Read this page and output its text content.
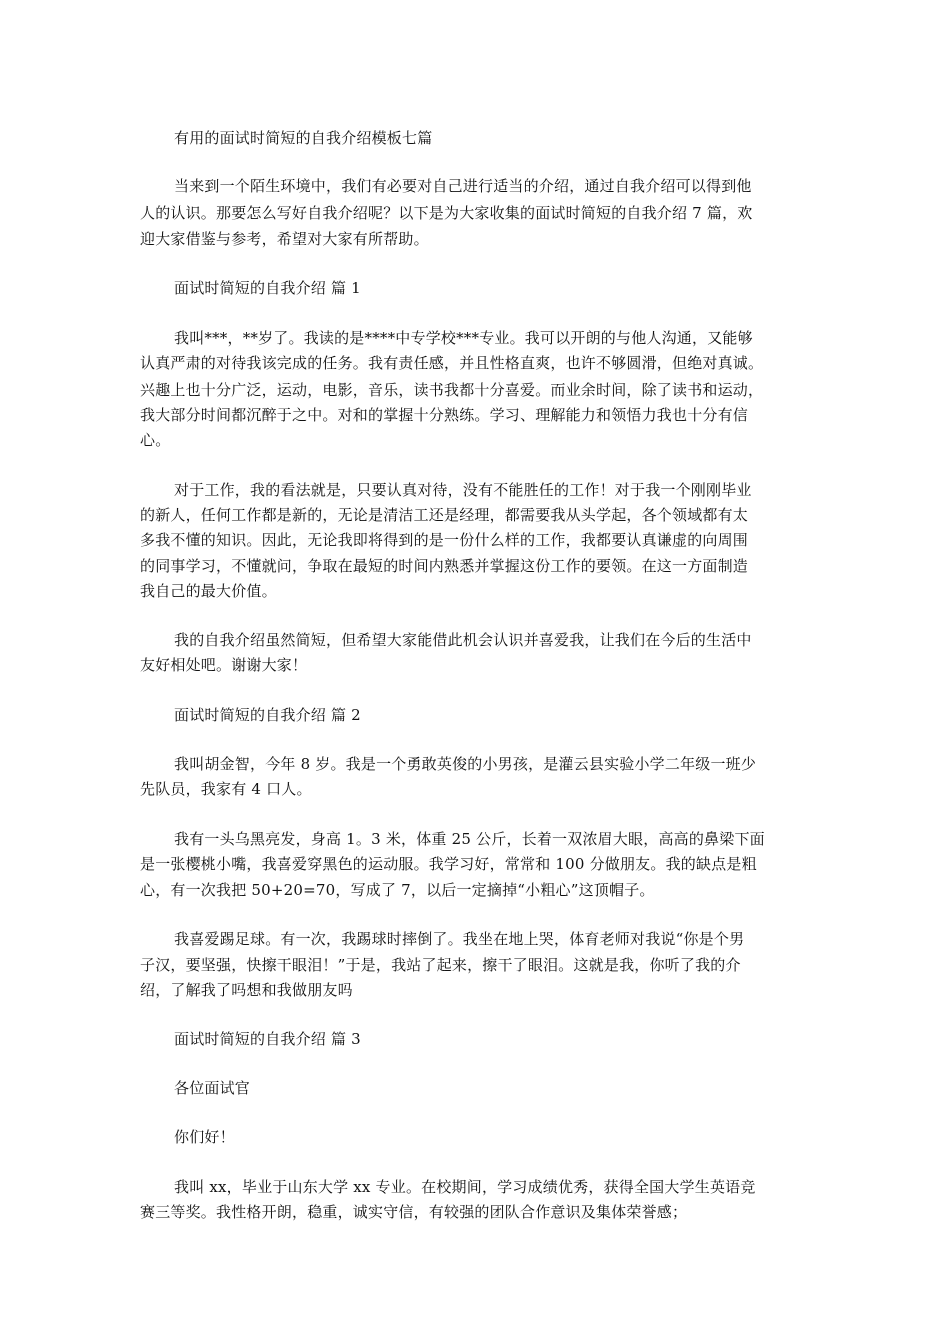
有用的面试时简短的自我介绍模板七篇
当来到一个陌生环境中，我们有必要对自己进行适当的介绍，通过自我介绍可以得到他
人的认识。那要怎么写好自我介绍呢？以下是为大家收集的面试时简短的自我介绍 7 篇，欢
迎大家借鉴与参考，希望对大家有所帮助。
面试时简短的自我介绍 篇 1
我叫***，**岁了。我读的是****中专学校***专业。我可以开朗的与他人沟通，又能够
认真严肃的对待我该完成的任务。我有责任感，并且性格直爽，也许不够圆滑，但绝对真诚。
兴趣上也十分广泛，运动，电影，音乐，读书我都十分喜爱。而业余时间，除了读书和运动，
我大部分时间都沉醉于之中。对和的掌握十分熟练。学习、理解能力和领悟力我也十分有信
心。
对于工作，我的看法就是，只要认真对待，没有不能胜任的工作！对于我一个刚刚毕业
的新人，任何工作都是新的，无论是清洁工还是经理，都需要我从头学起，各个领域都有太
多我不懂的知识。因此，无论我即将得到的是一份什么样的工作，我都要认真谦虚的向周围
的同事学习，不懂就问，争取在最短的时间内熟悉并掌握这份工作的要领。在这一方面制造
我自己的最大价值。
我的自我介绍虽然简短，但希望大家能借此机会认识并喜爱我，让我们在今后的生活中
友好相处吧。谢谢大家！
面试时简短的自我介绍 篇 2
我叫胡金智，今年 8 岁。我是一个勇敢英俊的小男孩，是灌云县实验小学二年级一班少
先队员，我家有 4 口人。
我有一头乌黑亮发，身高 1。3 米，体重 25 公斤，长着一双浓眉大眼，高高的鼻梁下面
是一张樱桃小嘴，我喜爱穿黑色的运动服。我学习好，常常和 100 分做朋友。我的缺点是粗
心，有一次我把 50+20=70，写成了 7，以后一定摘掉“小粗心”这顶帽子。
我喜爱踢足球。有一次，我踢球时摔倒了。我坐在地上哭，体育老师对我说“你是个男
子汉，要坚强，快擦干眼泪！”于是，我站了起来，擦干了眼泪。这就是我，你听了我的介
绍，了解我了吗想和我做朋友吗
面试时简短的自我介绍 篇 3
各位面试官
你们好！
我叫 xx，毕业于山东大学 xx 专业。在校期间，学习成绩优秀，获得全国大学生英语竞
赛三等奖。我性格开朗，稳重，诚实守信，有较强的团队合作意识及集体荣誉感；
